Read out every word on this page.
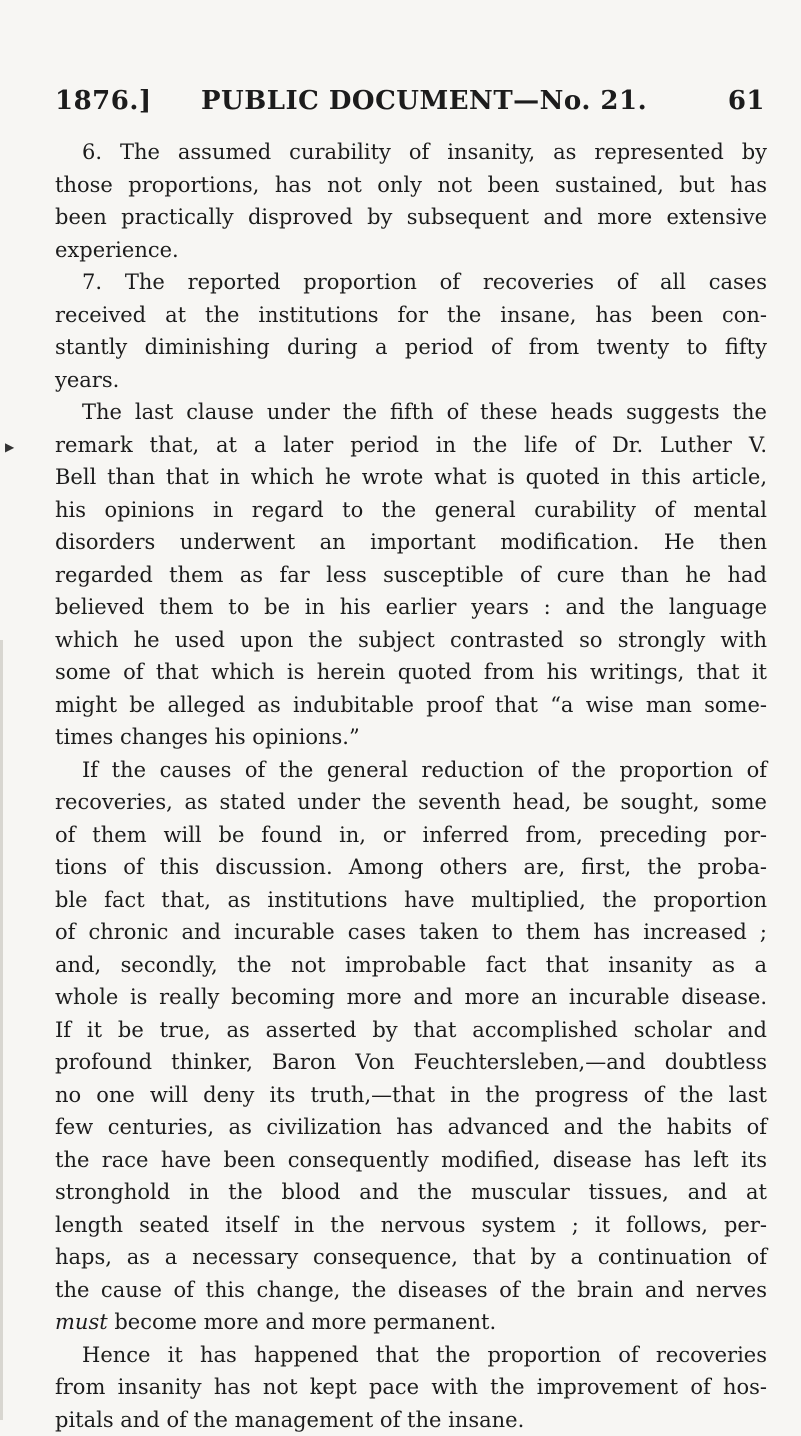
▶
1876.] PUBLIC DOCUMENT—No. 21.	61
6. The assumed curability of insanity, as represented by
those proportions, has not only not been sustained, but has
been practically disproved by subsequent and more extensive
experience.
7. The reported proportion of recoveries of all cases
received at the institutions for the insane, has been con-
stantly diminishing during a period of from twenty to fifty
years.
The last clause under the fifth of these heads suggests the
remark that, at a later period in the life of Dr. Luther V.
Bell than that in which he wrote what is quoted in this article,
his opinions in regard to the general curability of mental
disorders underwent an important modification. He then
regarded them as far less susceptible of cure than he had
believed them to be in his earlier years : and the language
which he used upon the subject contrasted so strongly with
some of that which is herein quoted from his writings, that it
might be alleged as indubitable proof that “a wise man some-
times changes his opinions.”
If the causes of the general reduction of the proportion of
recoveries, as stated under the seventh head, be sought, some
of them will be found in, or inferred from, preceding por-
tions of this discussion. Among others are, first, the proba-
ble fact that, as institutions have multiplied, the proportion
of chronic and incurable cases taken to them has increased ;
and, secondly, the not improbable fact that insanity as a
whole is really becoming more and more an incurable disease.
If it be true, as asserted by that accomplished scholar and
profound thinker, Baron Von Feuchtersleben,—and doubtless
no one will deny its truth,—that in the progress of the last
few centuries, as civilization has advanced and the habits of
the race have been consequently modified, disease has left its
stronghold in the blood and the muscular tissues, and at
length seated itself in the nervous system ; it follows, per-
haps, as a necessary consequence, that by a continuation of
the cause of this change, the diseases of the brain and nerves
must become more and more permanent.
Hence it has happened that the proportion of recoveries
from insanity has not kept pace with the improvement of hos-
pitals and of the management of the insane.
